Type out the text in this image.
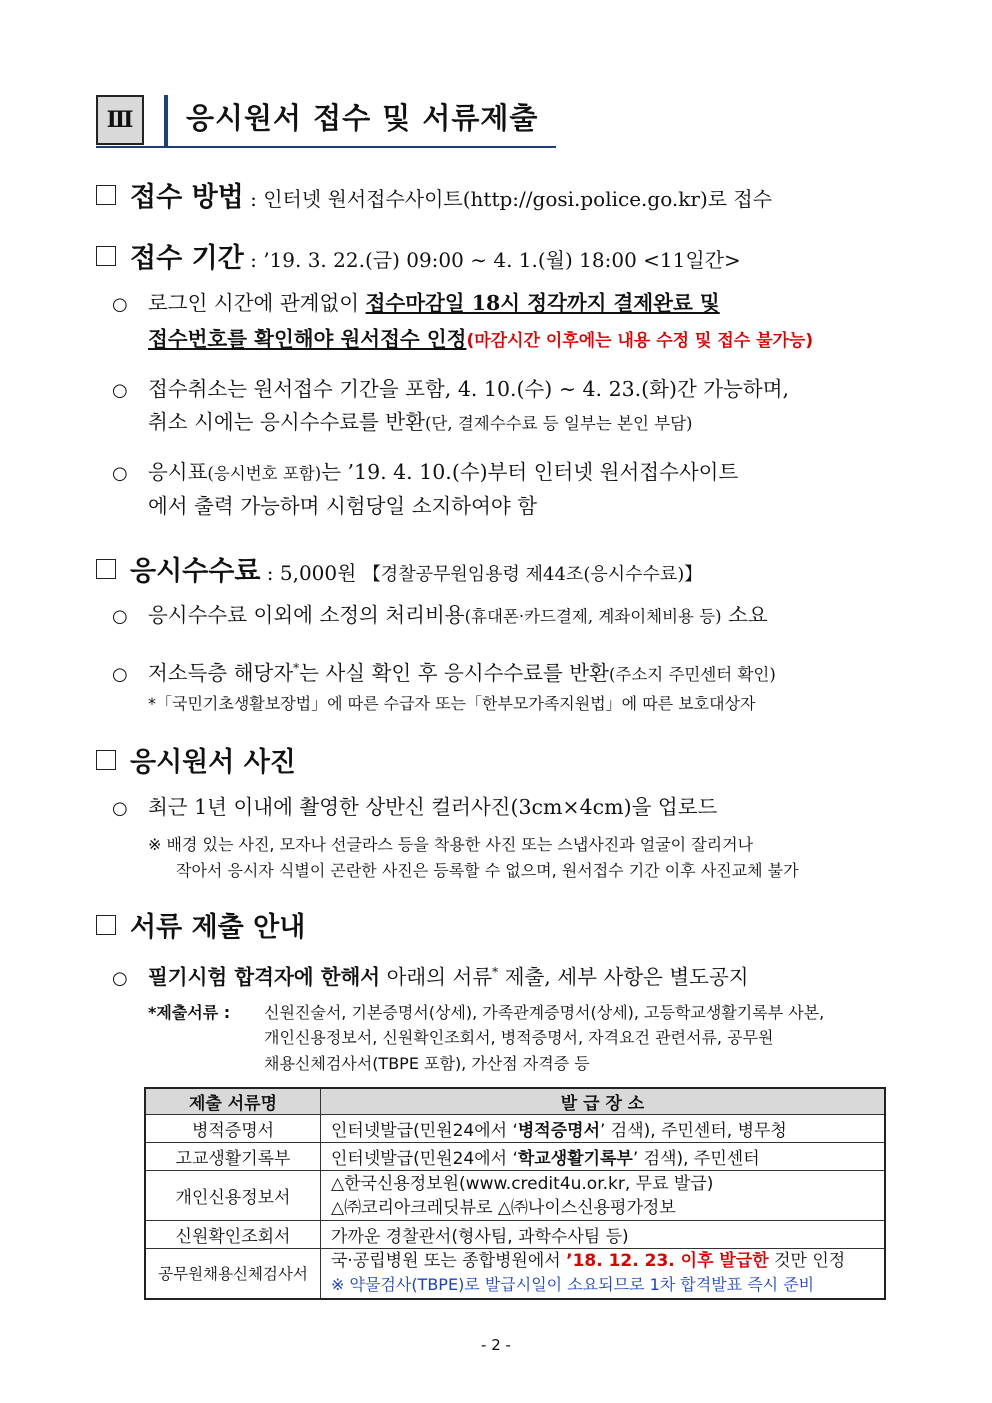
Ⅲ	응시원서 접수 및 서류제출
접수 방법 : 인터넷 원서접수사이트(http://gosi.police.go.kr)로 접수
접수 기간 : ’19. 3. 22.(금) 09:00 ∼ 4. 1.(월) 18:00 <11일간>
○ 로그인 시간에 관계없이 접수마감일 18시 정각까지 결제완료 및
접수번호를 확인해야 원서접수 인정(마감시간 이후에는 내용 수정 및 접수 불가능)
○ 접수취소는 원서접수 기간을 포함, 4. 10.(수) ∼ 4. 23.(화)간 가능하며,
취소 시에는 응시수수료를 반환(단, 결제수수료 등 일부는 본인 부담)
○ 응시표(응시번호 포함)는 ’19. 4. 10.(수)부터 인터넷 원서접수사이트
에서 출력 가능하며 시험당일 소지하여야 함
응시수수료 : 5,000원 【경찰공무원임용령 제44조(응시수수료)】
○ 응시수수료 이외에 소정의 처리비용(휴대폰·카드결제, 계좌이체비용 등) 소요
○ 저소득층 해당자*는 사실 확인 후 응시수수료를 반환(주소지 주민센터 확인)
*「국민기초생활보장법」에 따른 수급자 또는「한부모가족지원법」에 따른 보호대상자
응시원서 사진
○ 최근 1년 이내에 촬영한 상반신 컬러사진(3cm×4cm)을 업로드
※ 배경 있는 사진, 모자나 선글라스 등을 착용한 사진 또는 스냅사진과 얼굴이 잘리거나
작아서 응시자 식별이 곤란한 사진은 등록할 수 없으며, 원서접수 기간 이후 사진교체 불가
서류 제출 안내
○ 필기시험 합격자에 한해서 아래의 서류* 제출, 세부 사항은 별도공지
*제출서류 : 신원진술서, 기본증명서(상세), 가족관계증명서(상세), 고등학교생활기록부 사본,
개인신용정보서, 신원확인조회서, 병적증명서, 자격요건 관련서류, 공무원
채용신체검사서(TBPE 포함), 가산점 자격증 등
제출 서류명	발 급 장 소
병적증명서	인터넷발급(민원24에서 ‘병적증명서’ 검색), 주민센터, 병무청
고교생활기록부	인터넷발급(민원24에서 ‘학교생활기록부’ 검색), 주민센터
개인신용정보서	△한국신용정보원(www.credit4u.or.kr, 무료 발급)
△㈜코리아크레딧뷰로 △㈜나이스신용평가정보

신원확인조회서	가까운 경찰관서(형사팀, 과학수사팀 등)
공무원채용신체검사서	국·공립병원 또는 종합병원에서 ’18. 12. 23. 이후 발급한 것만 인정
※ 약물검사(TBPE)로 발급시일이 소요되므로 1차 합격발표 즉시 준비
- 2 -
